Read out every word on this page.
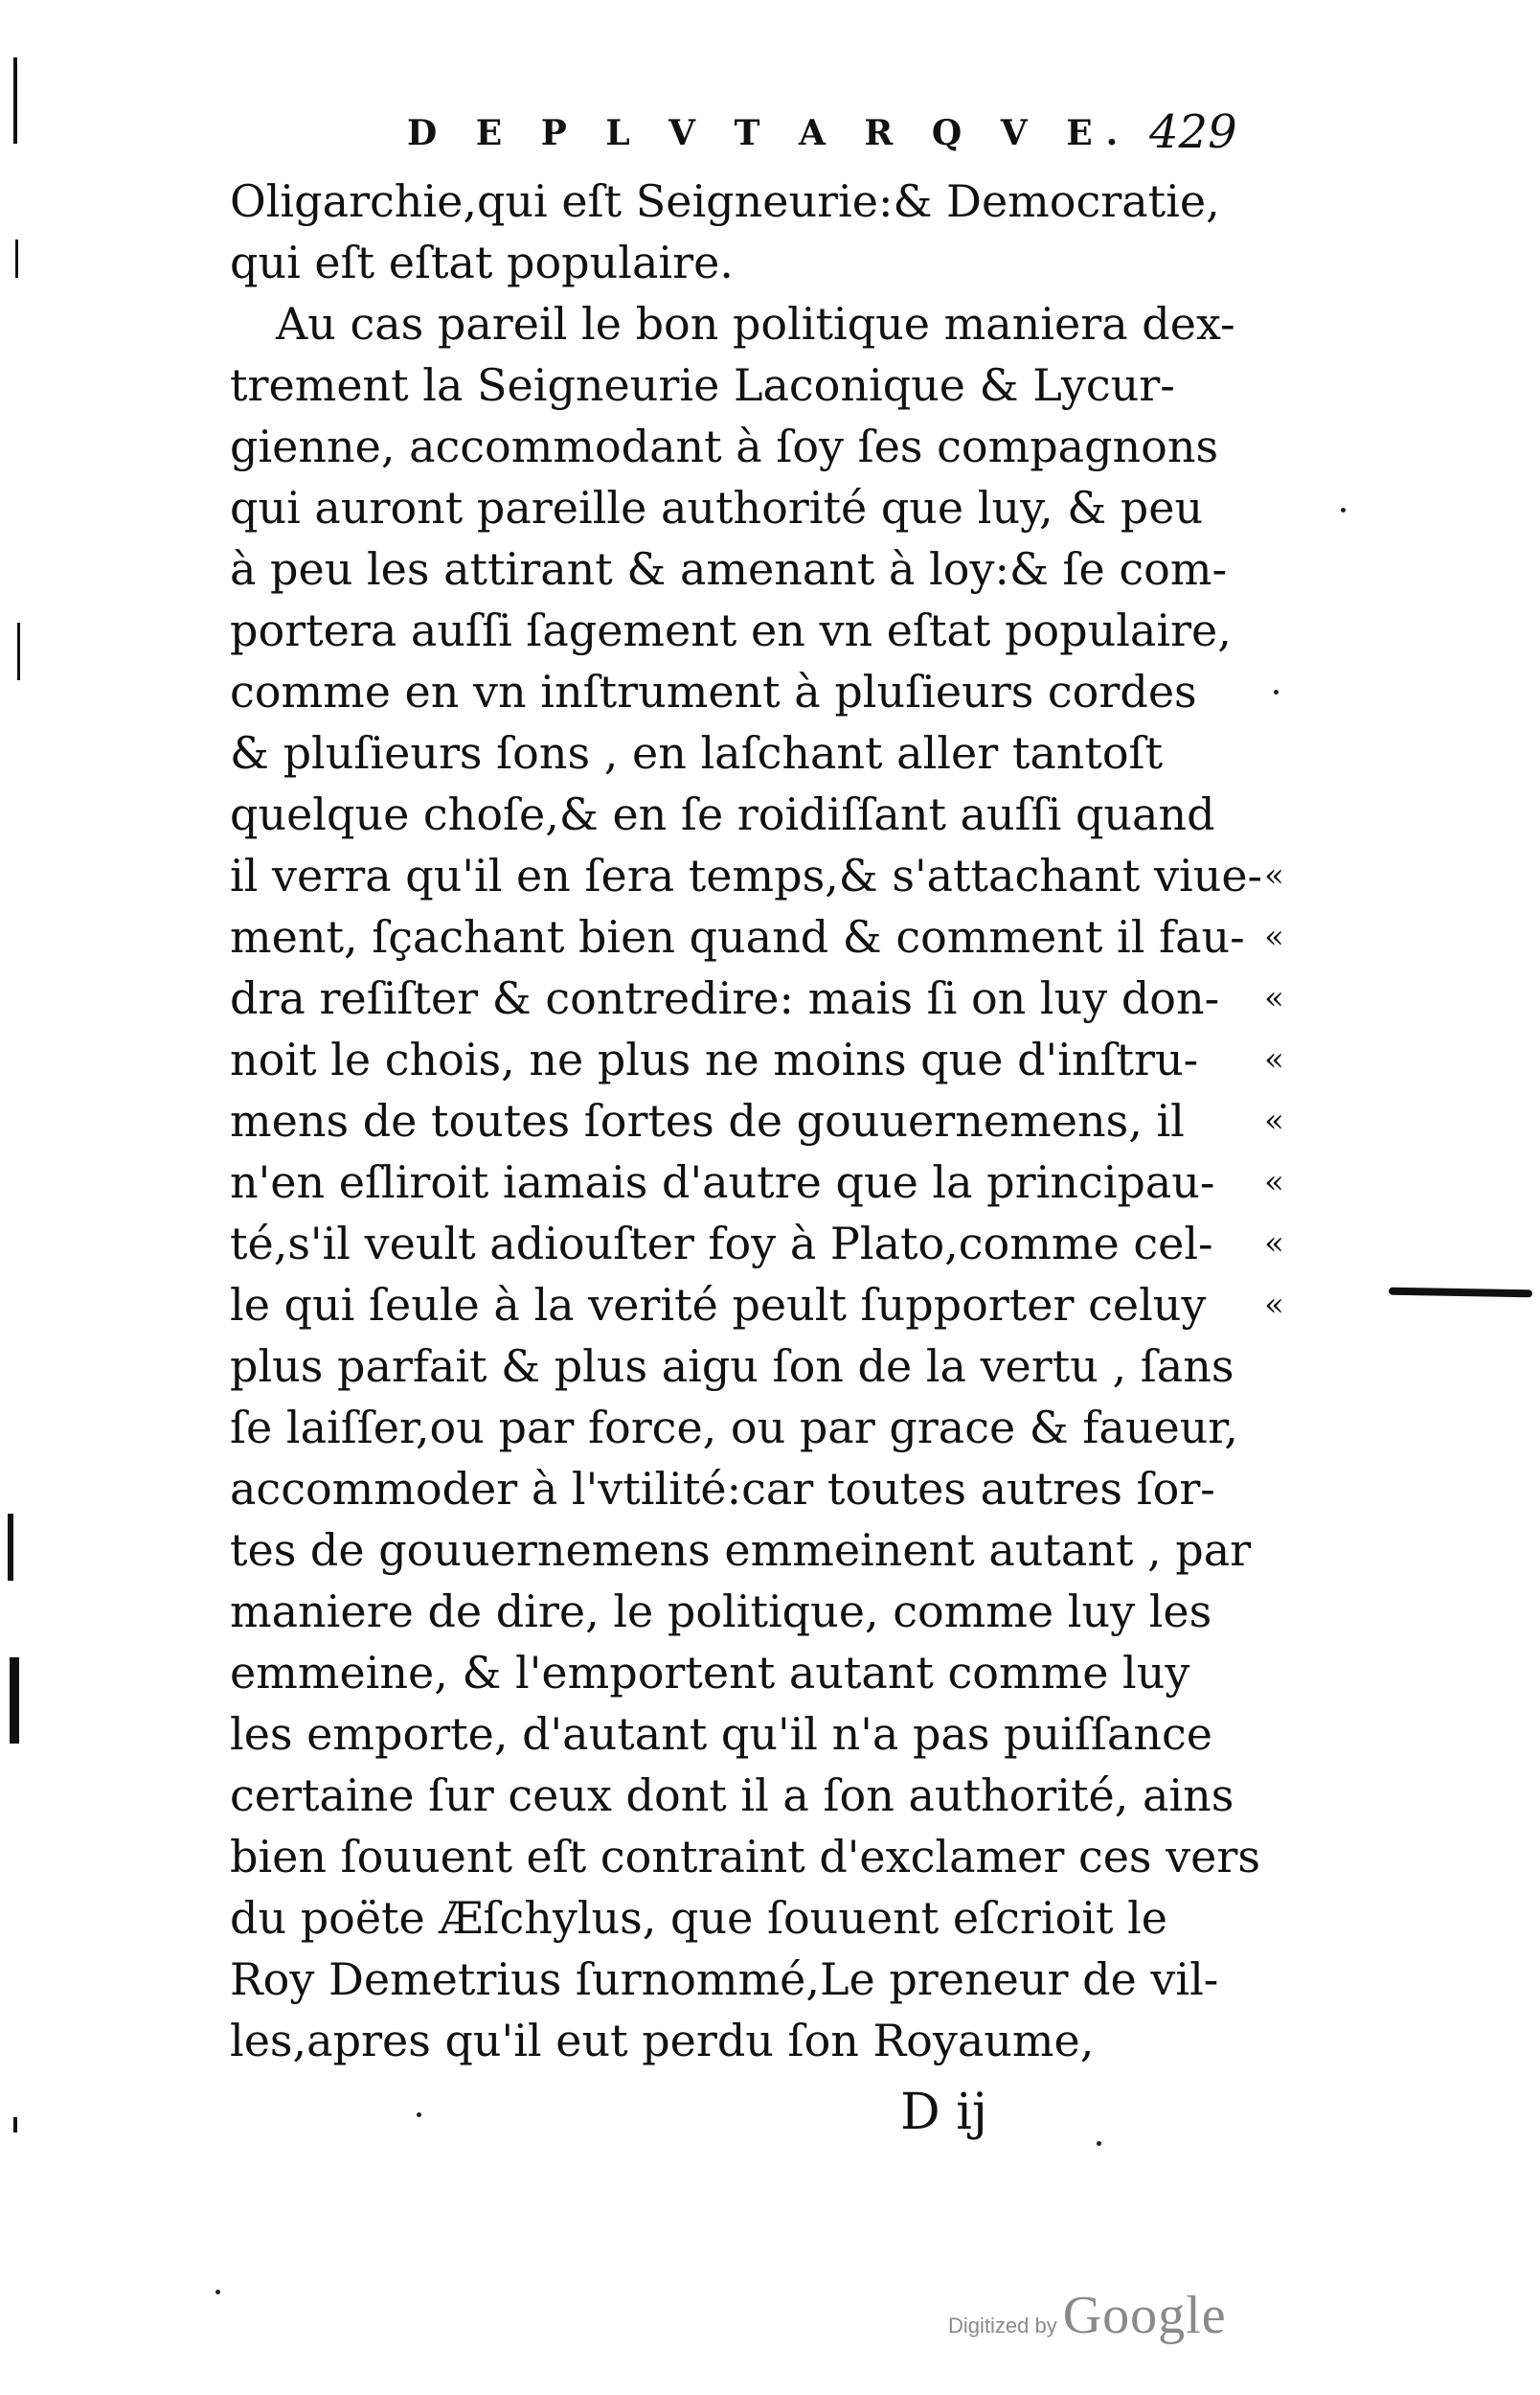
D E P L V T A R Q V E. 429
Oligarchie,qui eſt Seigneurie:& Democratie,
qui eſt eſtat populaire.
Au cas pareil le bon politique maniera dex-
trement la Seigneurie Laconique & Lycur-
gienne, accommodant à ſoy ſes compagnons
qui auront pareille authorité que luy, & peu
à peu les attirant & amenant à loy:& ſe com-
portera auſſi ſagement en vn eſtat populaire,
comme en vn inſtrument à pluſieurs cordes
& pluſieurs ſons , en laſchant aller tantoſt
quelque choſe,& en ſe roidiſſant auſſi quand
il verra qu'il en ſera temps,& s'attachant viue- «
ment, ſçachant bien quand & comment il fau- «
dra reſiſter & contredire: mais ſi on luy don- «
noit le chois, ne plus ne moins que d'inſtru- «
mens de toutes ſortes de gouuernemens, il «
n'en eſliroit iamais d'autre que la principau- «
té,s'il veult adiouſter foy à Plato,comme cel- «
le qui ſeule à la verité peult ſupporter celuy «
plus parfait & plus aigu ſon de la vertu , ſans
ſe laiſſer,ou par force, ou par grace & faueur,
accommoder à l'vtilité:car toutes autres ſor-
tes de gouuernemens emmeinent autant , par
maniere de dire, le politique, comme luy les
emmeine, & l'emportent autant comme luy
les emporte, d'autant qu'il n'a pas puiſſance
certaine ſur ceux dont il a ſon authorité, ains
bien ſouuent eſt contraint d'exclamer ces vers
du poëte Æſchylus, que ſouuent eſcrioit le
Roy Demetrius ſurnommé,Le preneur de vil-
les,apres qu'il eut perdu ſon Royaume,
D ij
Digitized by Google
